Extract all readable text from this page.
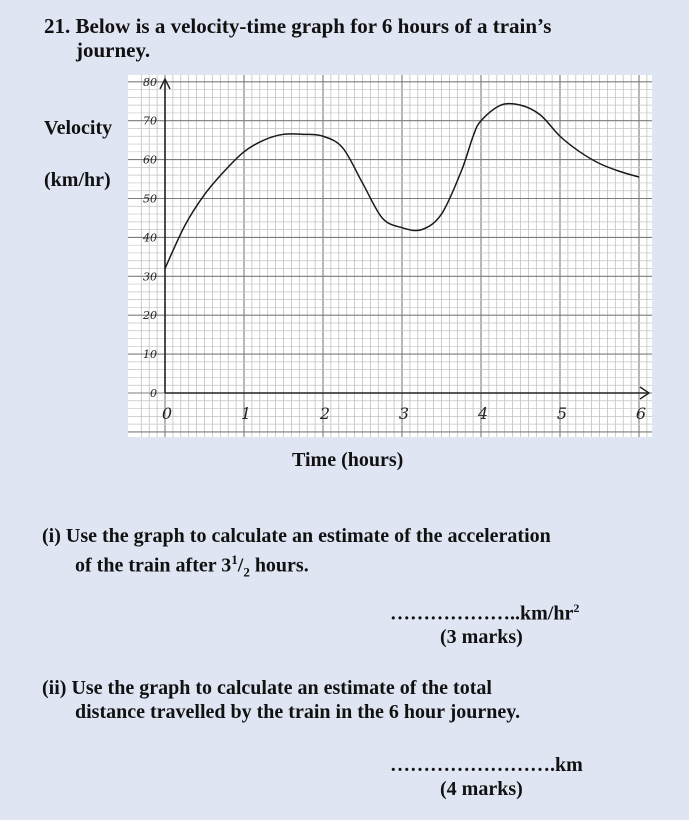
21. Below is a velocity-time graph for 6 hours of a train’s
journey.
Velocity
(km/hr)
0	1	2	3	4	5	6
0
10
20
30
40
50
60
70
80
Time (hours)
(i) Use the graph to calculate an estimate of the acceleration
of the train after $3^1/_2$ hours.
$\dots\dots\dots\dots\dots\dots..km/hr^2$
(3 marks)
(ii) Use the graph to calculate an estimate of the total
distance travelled by the train in the 6 hour journey.
…………………….km
(4 marks)
